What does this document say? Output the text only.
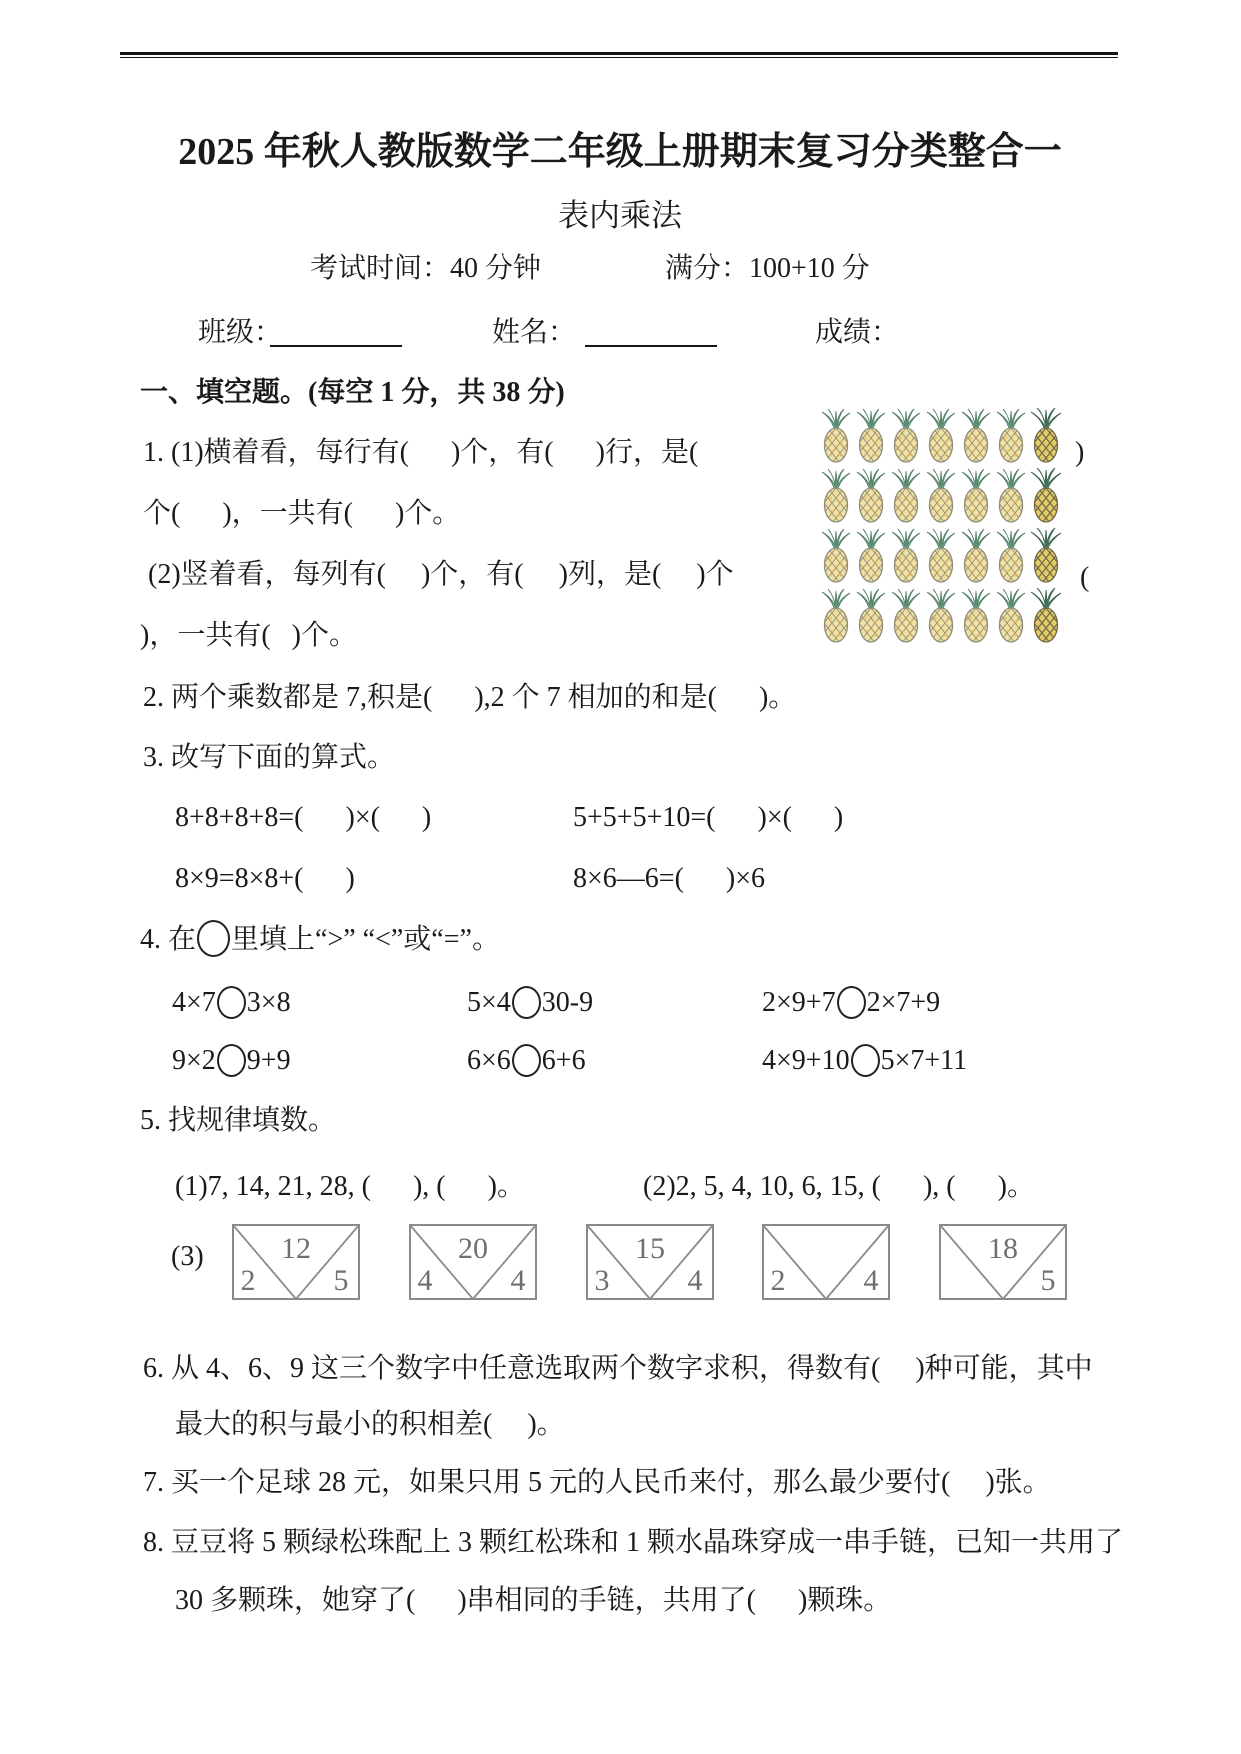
2025 年秋人教版数学二年级上册期末复习分类整合一
表内乘法
考试时间：40 分钟	满分：100+10 分
班级：	姓名：	成绩：
一、填空题。(每空 1 分，共 38 分)
1. (1)横着看，每行有(      )个，有(      )行，是(	)
个(      )，一共有(      )个。
(2)竖着看，每列有(     )个，有(     )列，是(     )个	(
)，一共有(   )个。
2. 两个乘数都是 7,积是(      ),2 个 7 相加的和是(      )。
3. 改写下面的算式。
8+8+8+8=(      )×(      )	5+5+5+10=(      )×(      )
8×9=8×8+(      )	8×6—6=(      )×6
4. 在 里填上“>” “<”或“=”。
4×7 3×8	5×4 30-9	2×9+7 2×7+9
9×2 9+9	6×6 6+6	4×9+10 5×7+11
5. 找规律填数。
(1)7, 14, 21, 28, (      ), (      )。	(2)2, 5, 4, 10, 6, 15, (      ), (      )。
(3)	12
2	5
20
4	4
15
3	4 2	4
18
5
6. 从 4、6、9 这三个数字中任意选取两个数字求积，得数有(     )种可能，其中
最大的积与最小的积相差(     )。
7. 买一个足球 28 元，如果只用 5 元的人民币来付，那么最少要付(     )张。
8. 豆豆将 5 颗绿松珠配上 3 颗红松珠和 1 颗水晶珠穿成一串手链，已知一共用了
30 多颗珠，她穿了(      )串相同的手链，共用了(      )颗珠。
